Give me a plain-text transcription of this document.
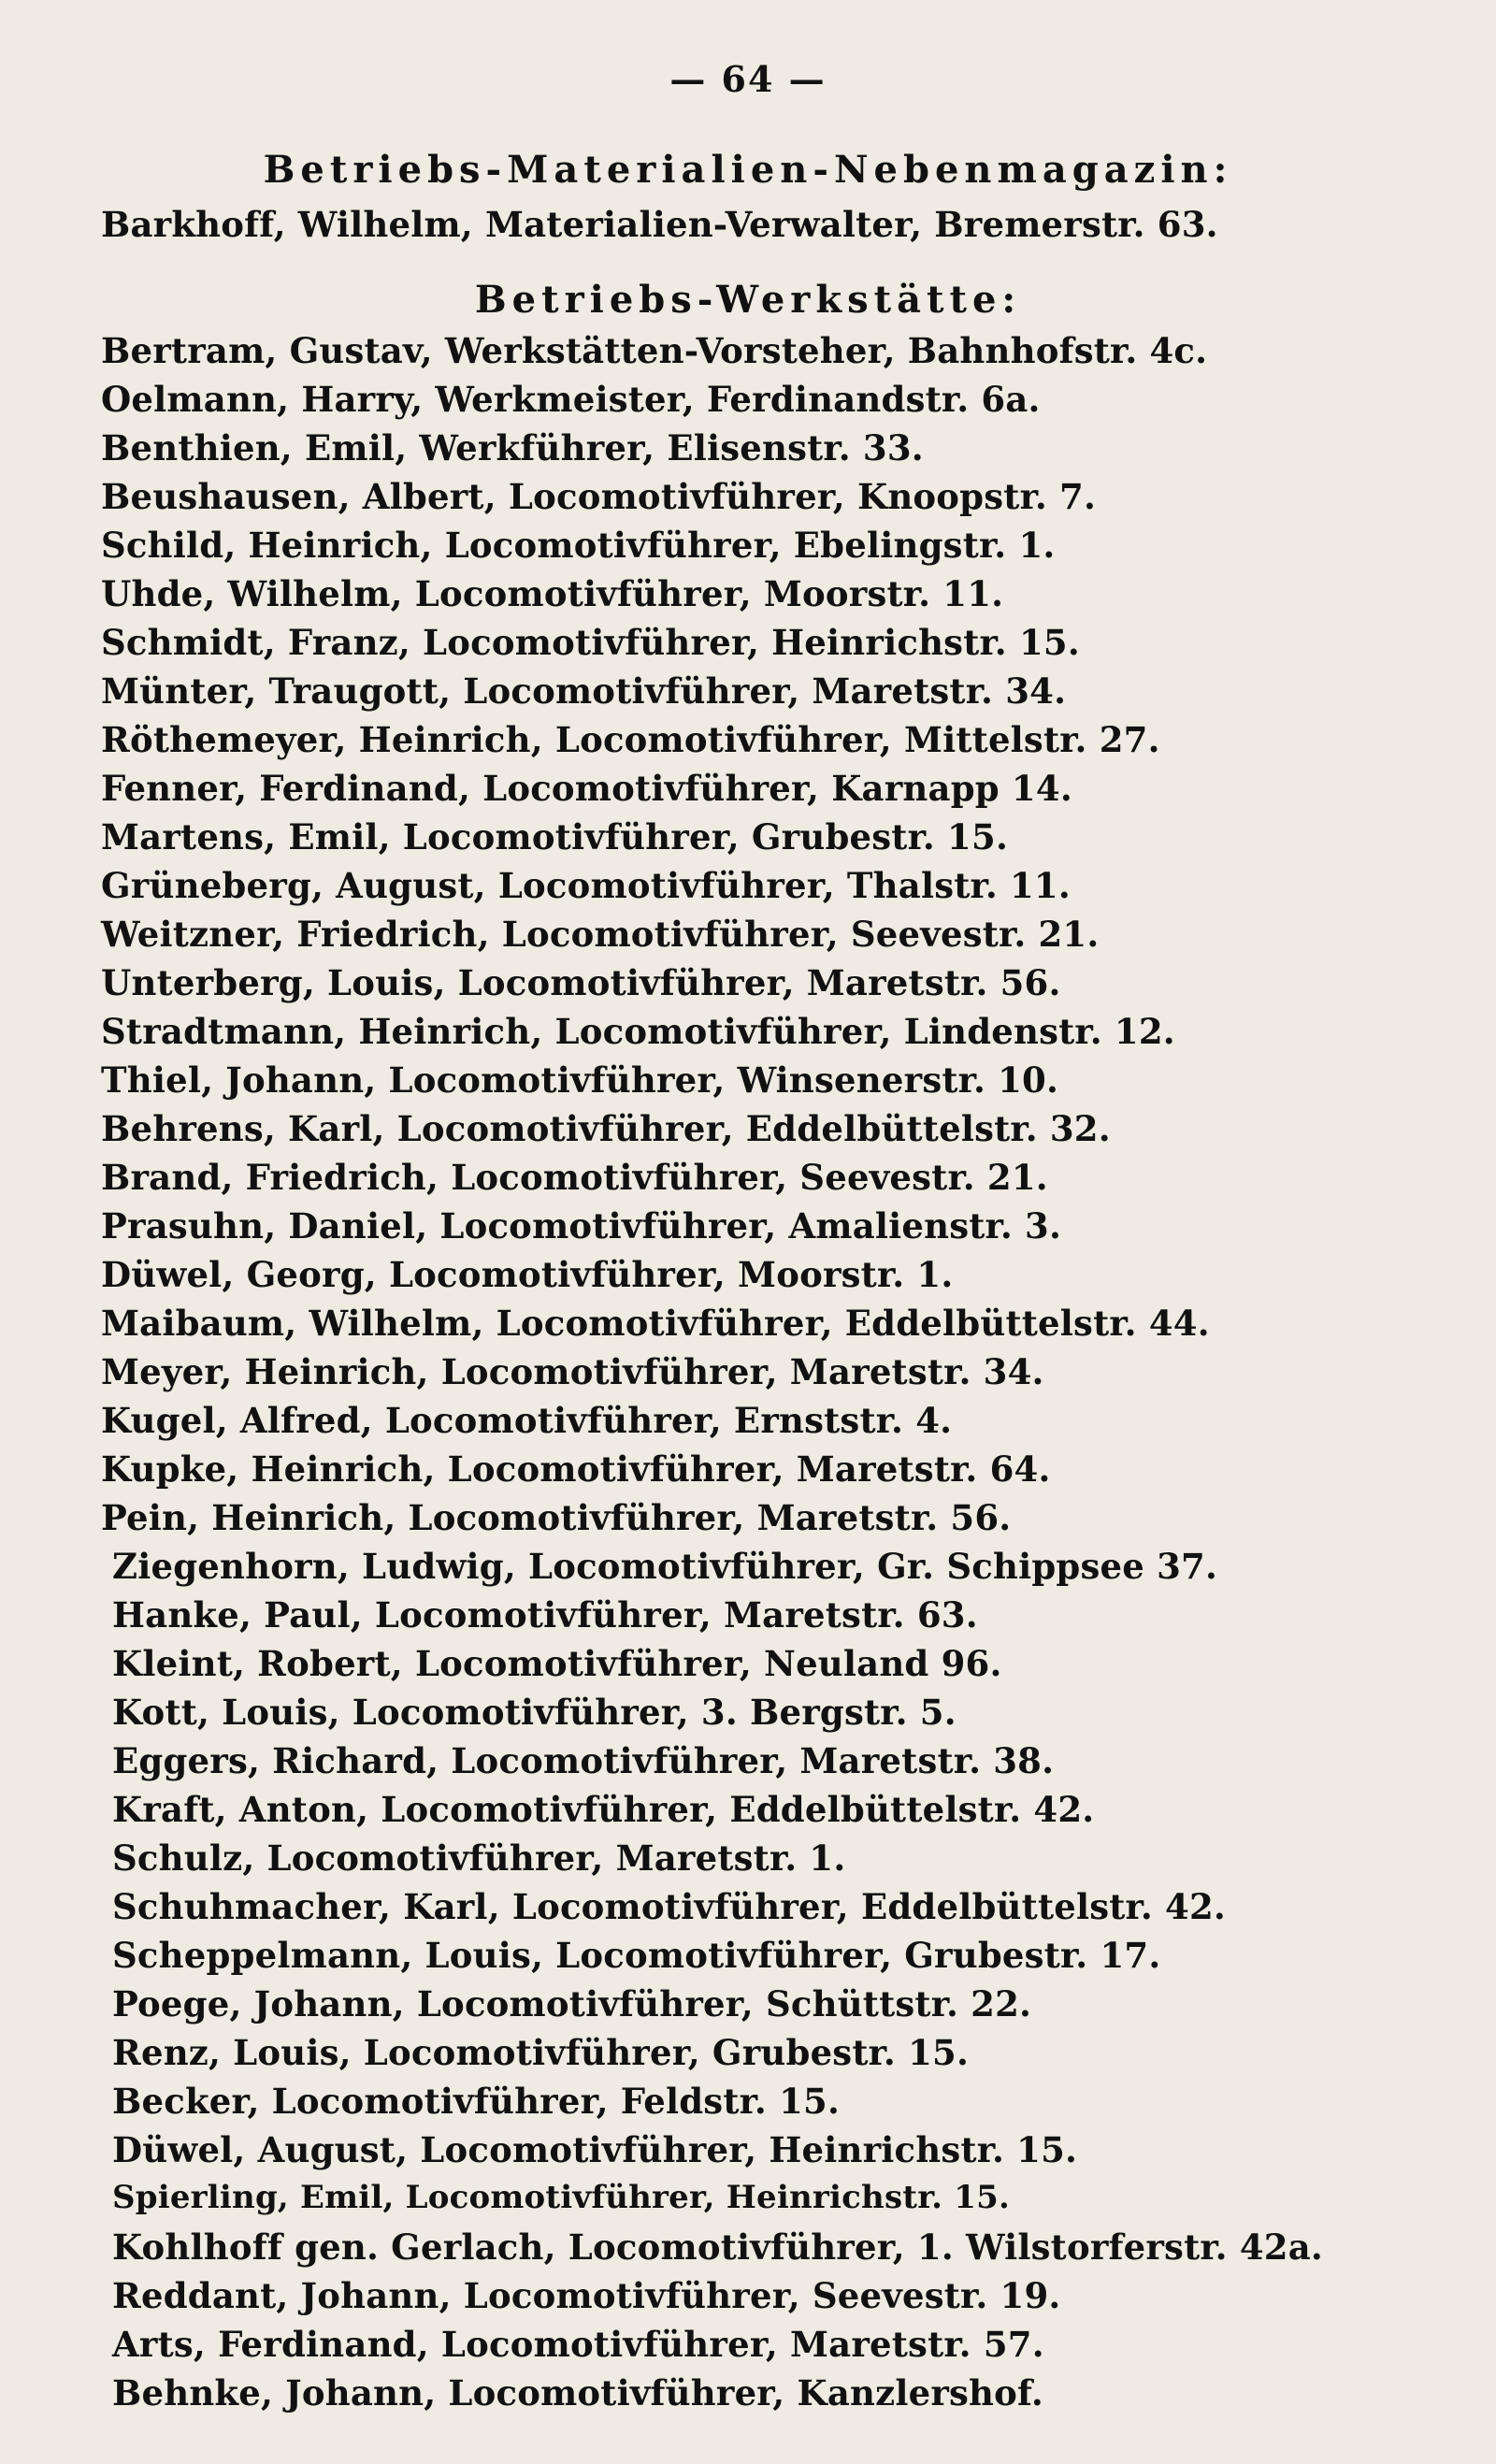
— 64 —
Betriebs-Materialien-Nebenmagazin:
Barkhoff, Wilhelm, Materialien-Verwalter, Bremerstr. 63.
Betriebs-Werkstätte:
Bertram, Gustav, Werkstätten-Vorsteher, Bahnhofstr. 4c.
Oelmann, Harry, Werkmeister, Ferdinandstr. 6a.
Benthien, Emil, Werkführer, Elisenstr. 33.
Beushausen, Albert, Locomotivführer, Knoopstr. 7.
Schild, Heinrich, Locomotivführer, Ebelingstr. 1.
Uhde, Wilhelm, Locomotivführer, Moorstr. 11.
Schmidt, Franz, Locomotivführer, Heinrichstr. 15.
Münter, Traugott, Locomotivführer, Maretstr. 34.
Röthemeyer, Heinrich, Locomotivführer, Mittelstr. 27.
Fenner, Ferdinand, Locomotivführer, Karnapp 14.
Martens, Emil, Locomotivführer, Grubestr. 15.
Grüneberg, August, Locomotivführer, Thalstr. 11.
Weitzner, Friedrich, Locomotivführer, Seevestr. 21.
Unterberg, Louis, Locomotivführer, Maretstr. 56.
Stradtmann, Heinrich, Locomotivführer, Lindenstr. 12.
Thiel, Johann, Locomotivführer, Winsenerstr. 10.
Behrens, Karl, Locomotivführer, Eddelbüttelstr. 32.
Brand, Friedrich, Locomotivführer, Seevestr. 21.
Prasuhn, Daniel, Locomotivführer, Amalienstr. 3.
Düwel, Georg, Locomotivführer, Moorstr. 1.
Maibaum, Wilhelm, Locomotivführer, Eddelbüttelstr. 44.
Meyer, Heinrich, Locomotivführer, Maretstr. 34.
Kugel, Alfred, Locomotivführer, Ernststr. 4.
Kupke, Heinrich, Locomotivführer, Maretstr. 64.
Pein, Heinrich, Locomotivführer, Maretstr. 56.
Ziegenhorn, Ludwig, Locomotivführer, Gr. Schippsee 37.
Hanke, Paul, Locomotivführer, Maretstr. 63.
Kleint, Robert, Locomotivführer, Neuland 96.
Kott, Louis, Locomotivführer, 3. Bergstr. 5.
Eggers, Richard, Locomotivführer, Maretstr. 38.
Kraft, Anton, Locomotivführer, Eddelbüttelstr. 42.
Schulz, Locomotivführer, Maretstr. 1.
Schuhmacher, Karl, Locomotivführer, Eddelbüttelstr. 42.
Scheppelmann, Louis, Locomotivführer, Grubestr. 17.
Poege, Johann, Locomotivführer, Schüttstr. 22.
Renz, Louis, Locomotivführer, Grubestr. 15.
Becker, Locomotivführer, Feldstr. 15.
Düwel, August, Locomotivführer, Heinrichstr. 15.
Spierling, Emil, Locomotivführer, Heinrichstr. 15.
Kohlhoff gen. Gerlach, Locomotivführer, 1. Wilstorferstr. 42a.
Reddant, Johann, Locomotivführer, Seevestr. 19.
Arts, Ferdinand, Locomotivführer, Maretstr. 57.
Behnke, Johann, Locomotivführer, Kanzlershof.
